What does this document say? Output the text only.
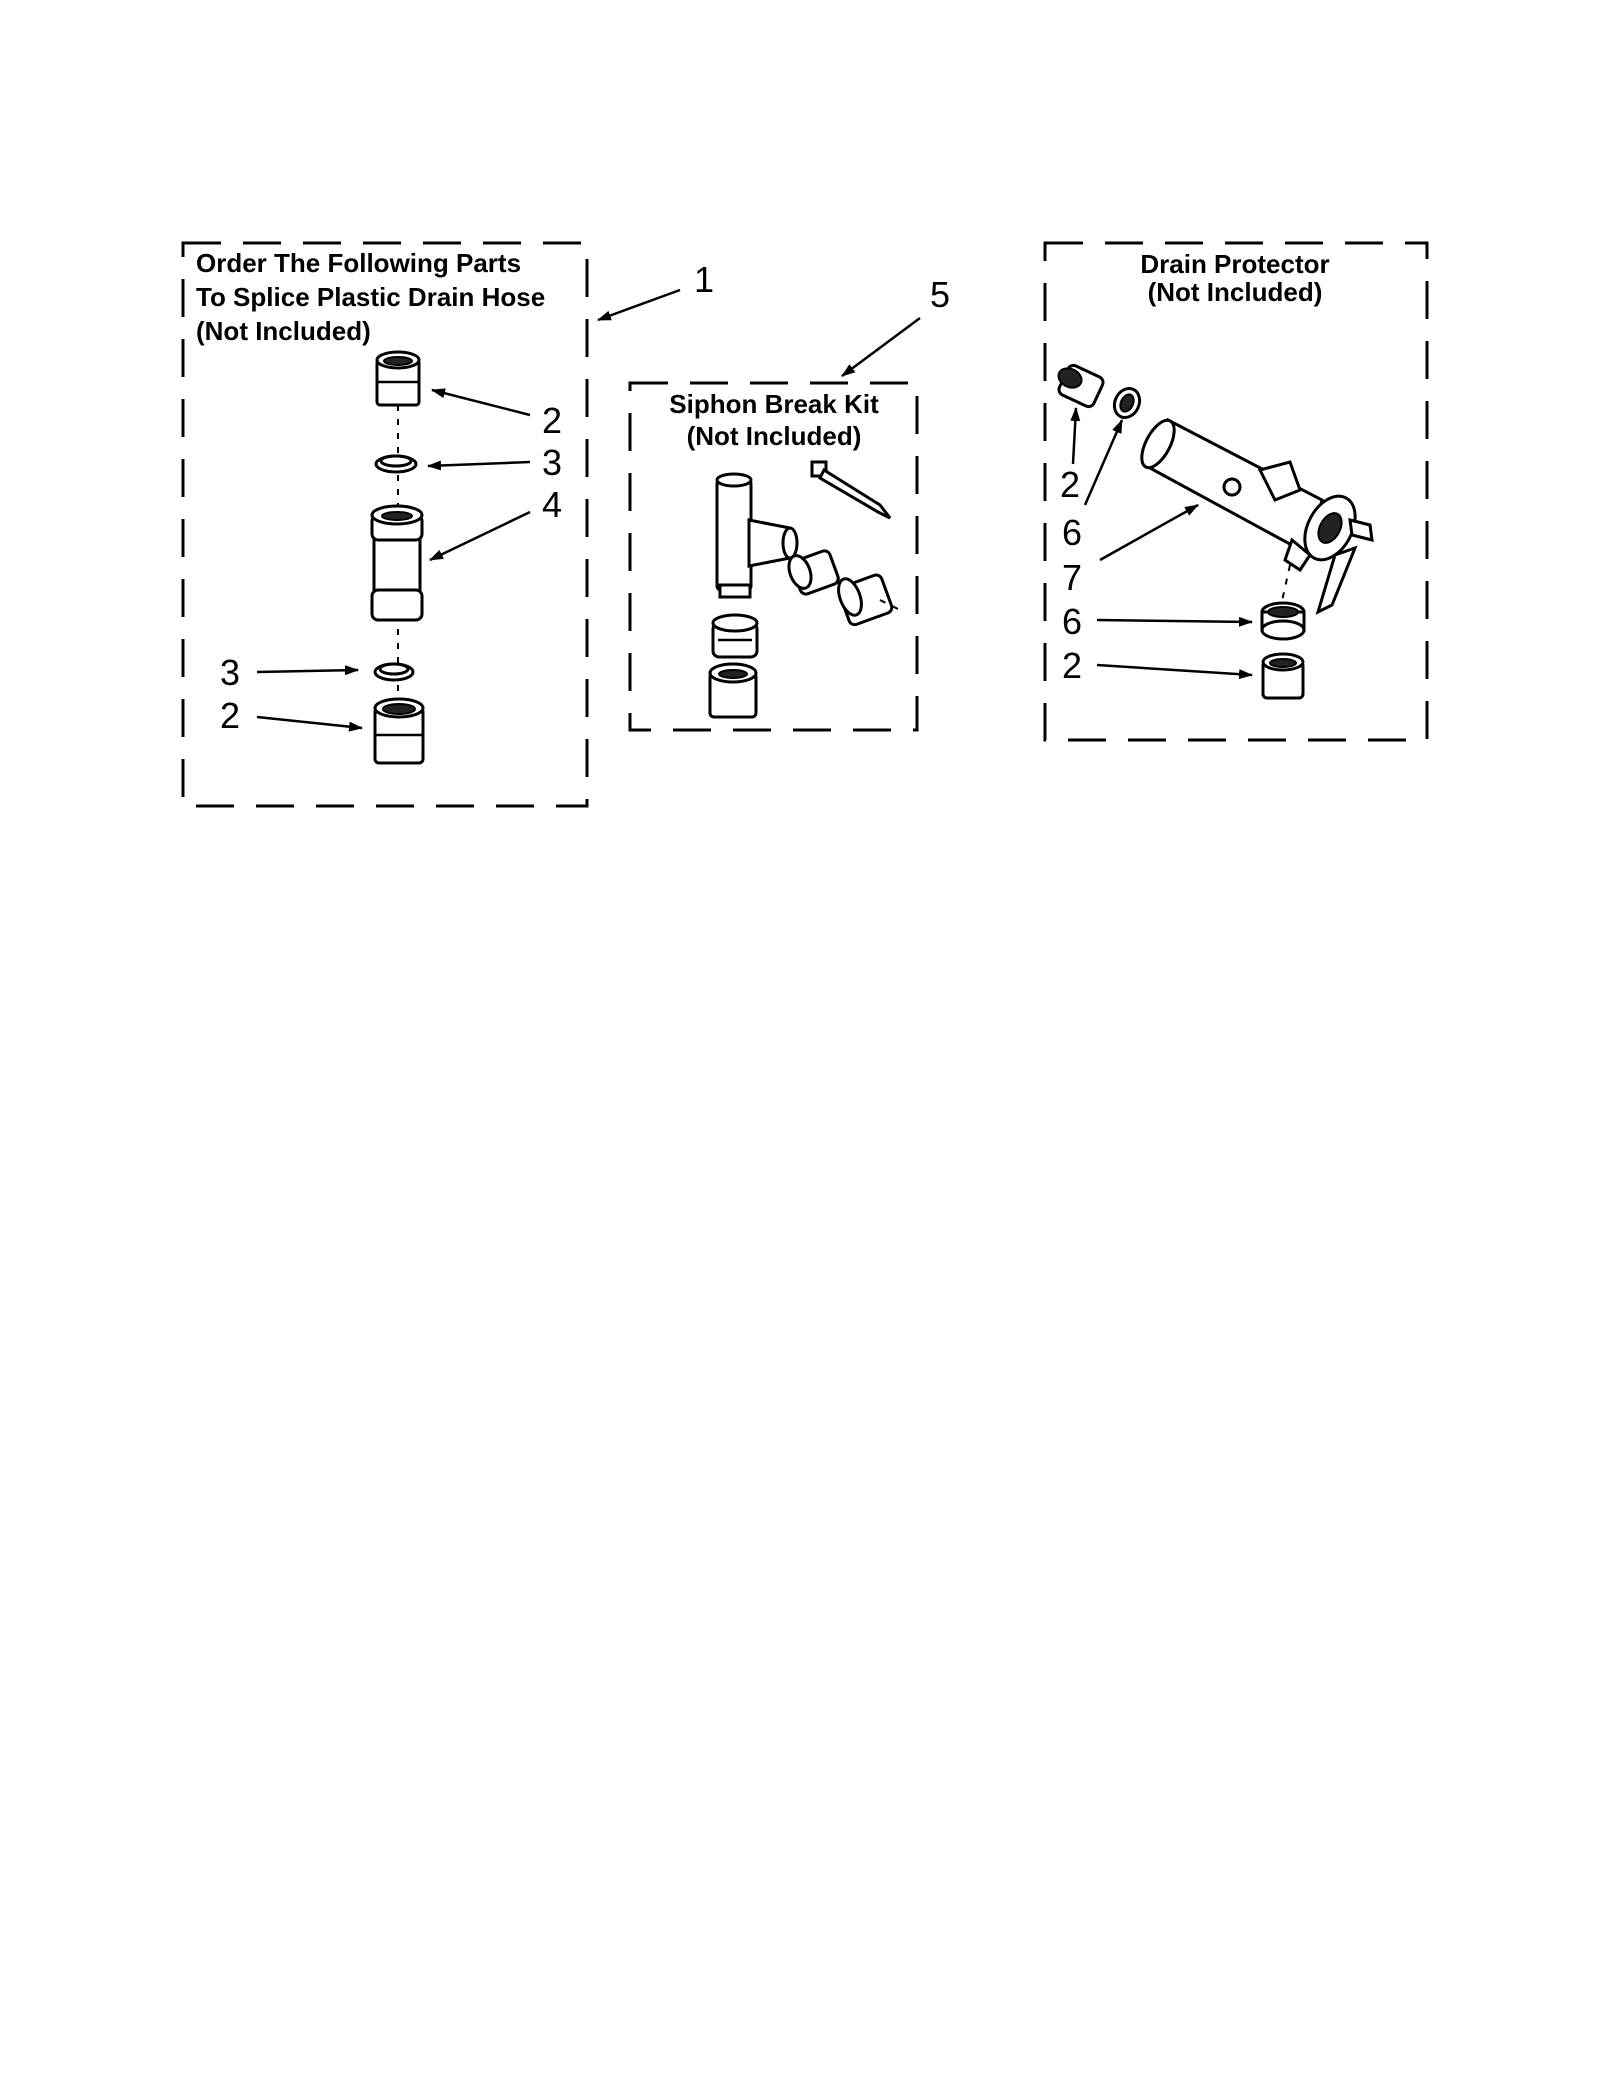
Order The Following Parts
To Splice Plastic Drain Hose
(Not Included)
Siphon Break Kit
(Not Included)
Drain Protector
(Not Included)
1
2
3
4
3
2
5
2
6
7
6
2
